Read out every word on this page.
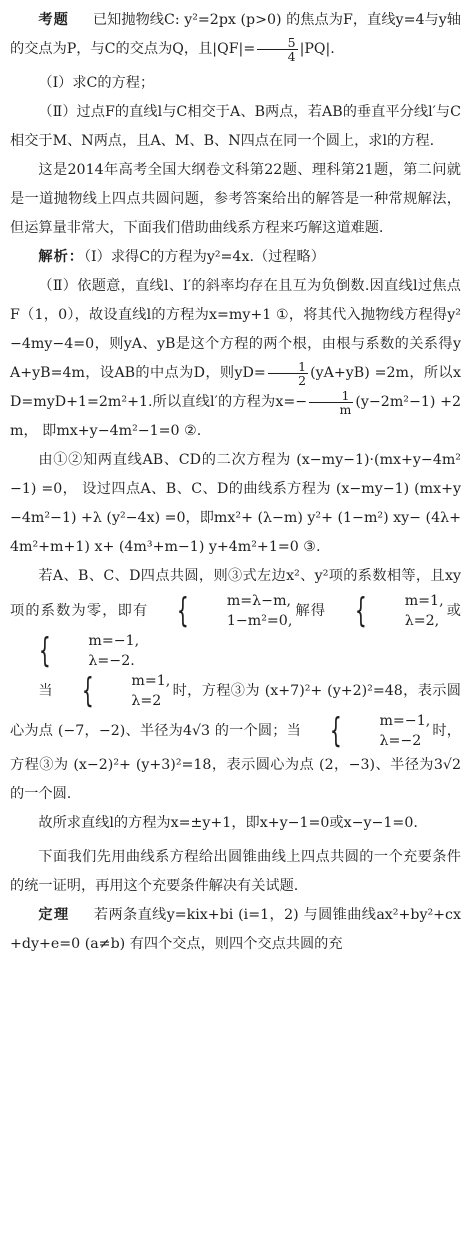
考题 已知抛物线C: y²=2px (p>0) 的焦点为F，直线y=4与y轴的交点为P，与C的交点为Q，且$|QF|= \frac{5}{4} |PQ|$.

（Ⅰ）求C的方程；

（Ⅱ）过点F的直线l与C相交于A、B两点，若AB的垂直平分线l′与C相交于M、N两点，且A、M、B、N四点在同一个圆上，求l的方程.

这是2014年高考全国大纲卷文科第22题、理科第21题，第二问就是一道抛物线上四点共圆问题，参考答案给出的解答是一种常规解法，但运算量非常大，下面我们借助曲线系方程来巧解这道难题.

解析：（Ⅰ）求得C的方程为y²=4x.（过程略）

（Ⅱ）依题意，直线l、l′的斜率均存在且互为负倒数.因直线l过焦点F（1，0），故设直线l的方程为x=my+1 ①，将其代入抛物线方程得y²−4my−4=0，则yA、yB是这个方程的两个根，由根与系数的关系得yA+yB=4m，设AB的中点为D，则$yD= \frac{1}{2} (yA+yB) =2m$，所以xD=myD+1=2m²+1.所以直线l′的方程为$x=- \frac{1}{m} (y-2m^2-1) +2m$， 即mx+y−4m²−1=0 ②.

由①②知两直线AB、CD的二次方程为 (x−my−1)·(mx+y−4m²−1) =0， 设过四点A、B、C、D的曲线系方程为 (x−my−1) (mx+y−4m²−1) +λ (y²−4x) =0，即mx²+ (λ−m) y²+ (1−m²) xy− (4λ+4m²+m+1) x+ (4m³+m−1) y+4m²+1=0 ③.

若A、B、C、D四点共圆，则③式左边x²、y²项的系数相等，且xy项的系数为零，即有 {	m=λ−m,
1−m²=0,
解得 {	m=1,
λ=2,
或
{	m=−1,
λ=−2.

当 {	m=1,
λ=2
时，方程③为 (x+7)²+ (y+2)²=48，表示圆心为点 (−7，−2)、半径为4√3 的一个圆；当 {	m=−1,
λ=−2
时，方程③为 (x−2)²+ (y+3)²=18，表示圆心为点 (2，−3)、半径为3√2 的一个圆.

故所求直线l的方程为x=±y+1，即x+y−1=0或x−y−1=0.

下面我们先用曲线系方程给出圆锥曲线上四点共圆的一个充要条件的统一证明，再用这个充要条件解决有关试题.

定理 若两条直线y=kix+bi (i=1，2) 与圆锥曲线ax²+by²+cx+dy+e=0 (a≠b) 有四个交点，则四个交点共圆的充
